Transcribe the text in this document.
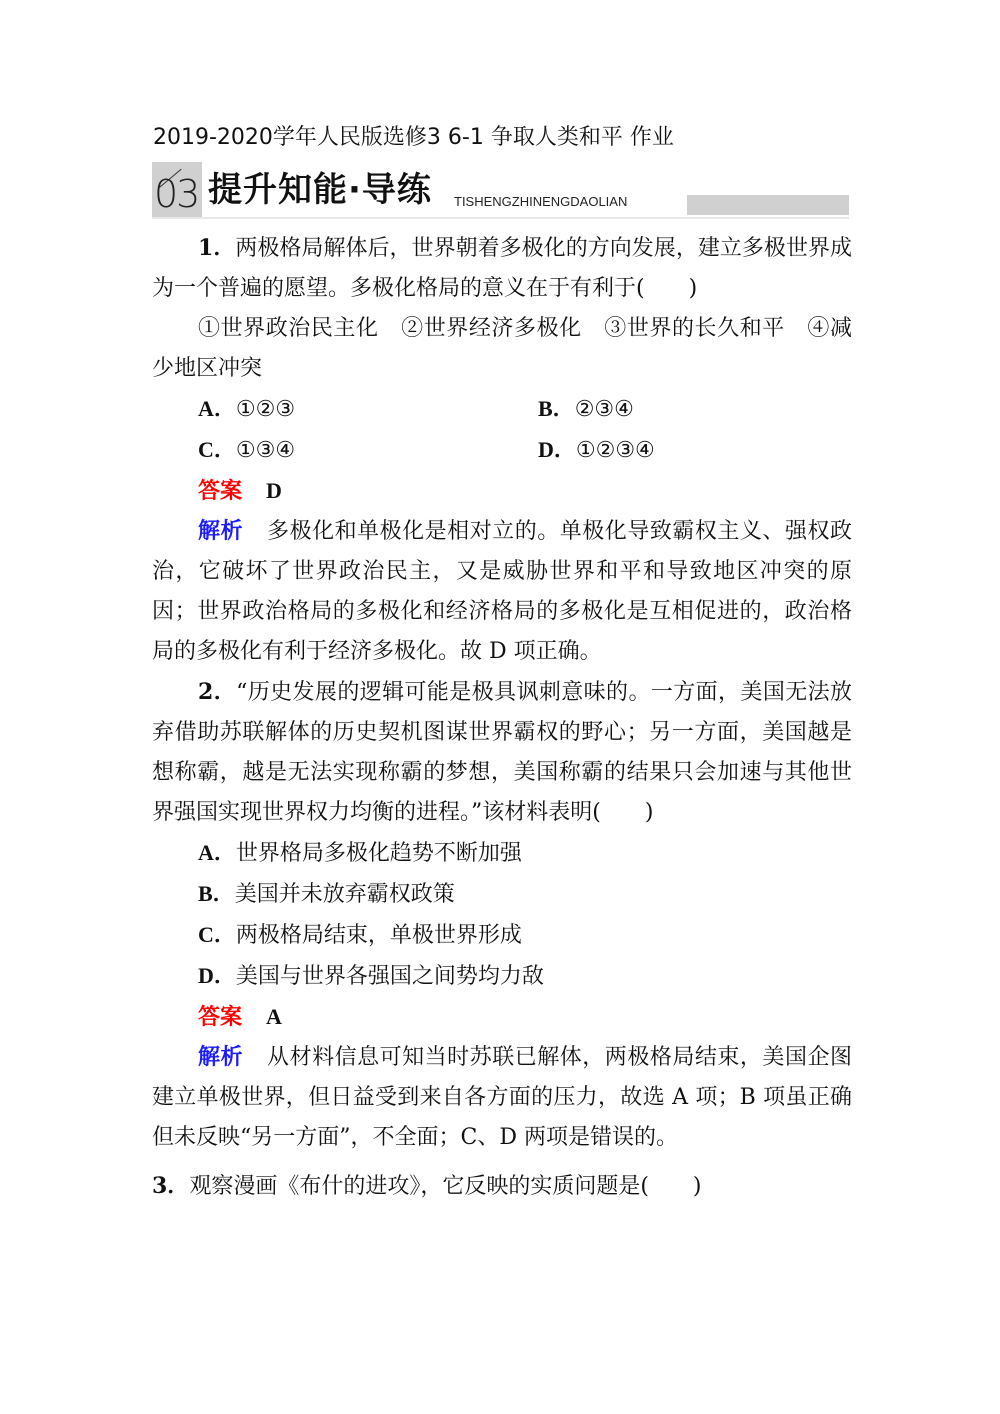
2019-2020学年人民版选修3 6-1 争取人类和平 作业
03 提升知能·导练 TISHENGZHINENGDAOLIAN

1．两极格局解体后，世界朝着多极化的方向发展，建立多极世界成为一个普遍的愿望。多极化格局的意义在于有利于(　　)

①世界政治民主化　②世界经济多极化　③世界的长久和平　④减少地区冲突

A．①②③	B．②③④
C．①③④	D．①②③④

答案 D

解析 多极化和单极化是相对立的。单极化导致霸权主义、强权政治，它破坏了世界政治民主，又是威胁世界和平和导致地区冲突的原因；世界政治格局的多极化和经济格局的多极化是互相促进的，政治格局的多极化有利于经济多极化。故 D 项正确。

2．“历史发展的逻辑可能是极具讽刺意味的。一方面，美国无法放弃借助苏联解体的历史契机图谋世界霸权的野心；另一方面，美国越是想称霸，越是无法实现称霸的梦想，美国称霸的结果只会加速与其他世界强国实现世界权力均衡的进程。”该材料表明(　　)

A．世界格局多极化趋势不断加强

B．美国并未放弃霸权政策

C．两极格局结束，单极世界形成

D．美国与世界各强国之间势均力敌

答案 A

解析 从材料信息可知当时苏联已解体，两极格局结束，美国企图建立单极世界，但日益受到来自各方面的压力，故选 A 项；B 项虽正确但未反映“另一方面”，不全面；C、D 两项是错误的。

3．观察漫画《布什的进攻》，它反映的实质问题是(　　)
